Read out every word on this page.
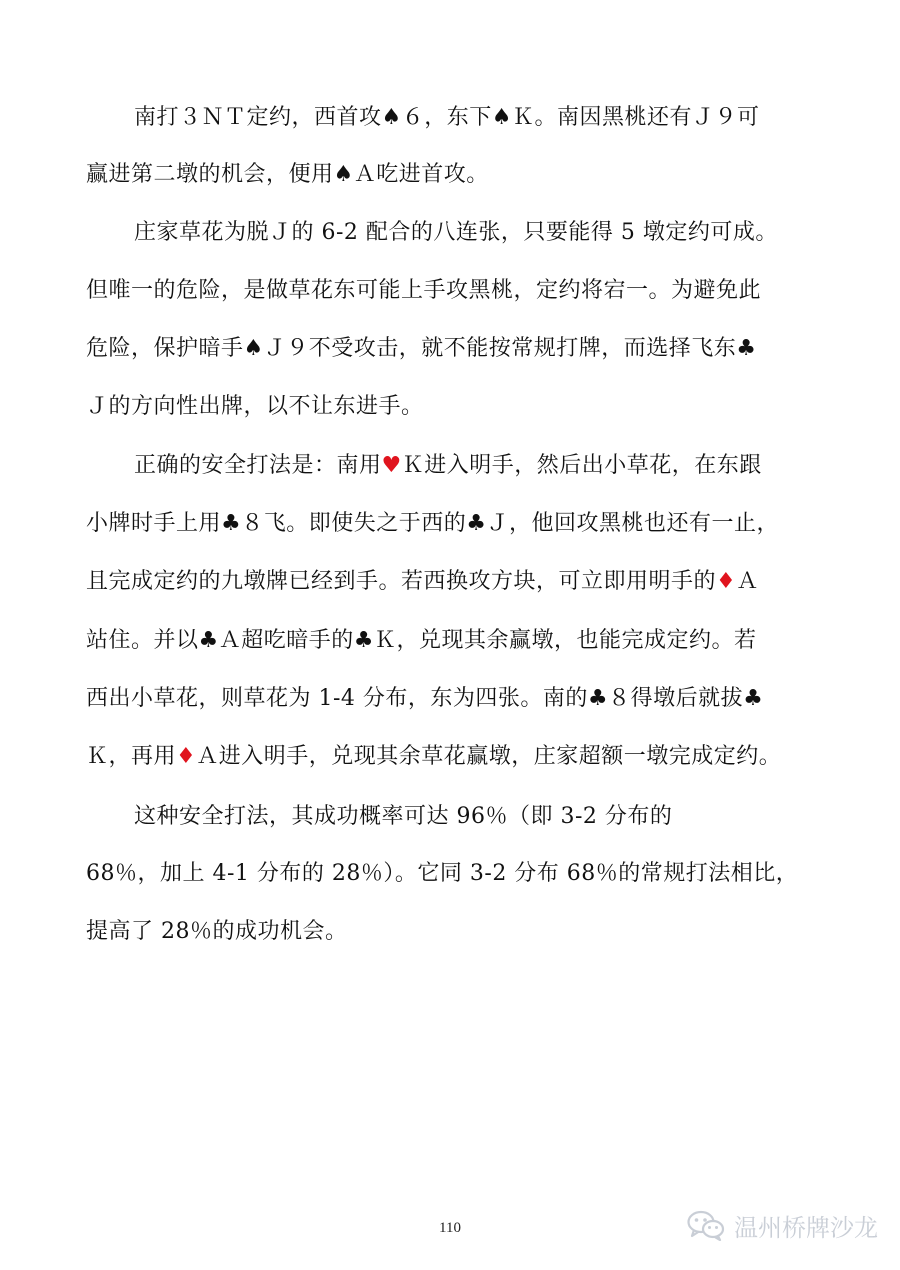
南打３ＮＴ定约，西首攻♠６，东下♠Ｋ。南因黑桃还有Ｊ９可
赢进第二墩的机会，便用♠Ａ吃进首攻。
庄家草花为脱Ｊ的 6-2 配合的八连张，只要能得 5 墩定约可成。
但唯一的危险，是做草花东可能上手攻黑桃，定约将宕一。为避免此
危险，保护暗手♠Ｊ９不受攻击，就不能按常规打牌，而选择飞东♣
Ｊ的方向性出牌，以不让东进手。
正确的安全打法是：南用♥Ｋ进入明手，然后出小草花，在东跟
小牌时手上用♣８飞。即使失之于西的♣Ｊ，他回攻黑桃也还有一止，
且完成定约的九墩牌已经到手。若西换攻方块，可立即用明手的♦Ａ
站住。并以♣Ａ超吃暗手的♣Ｋ，兑现其余赢墩，也能完成定约。若
西出小草花，则草花为 1-4 分布，东为四张。南的♣８得墩后就拔♣
Ｋ，再用♦Ａ进入明手，兑现其余草花赢墩，庄家超额一墩完成定约。
这种安全打法，其成功概率可达 96％（即 3-2 分布的
68％，加上 4-1 分布的 28％）。它同 3-2 分布 68％的常规打法相比，
提高了 28％的成功机会。
110	温州桥牌沙龙
